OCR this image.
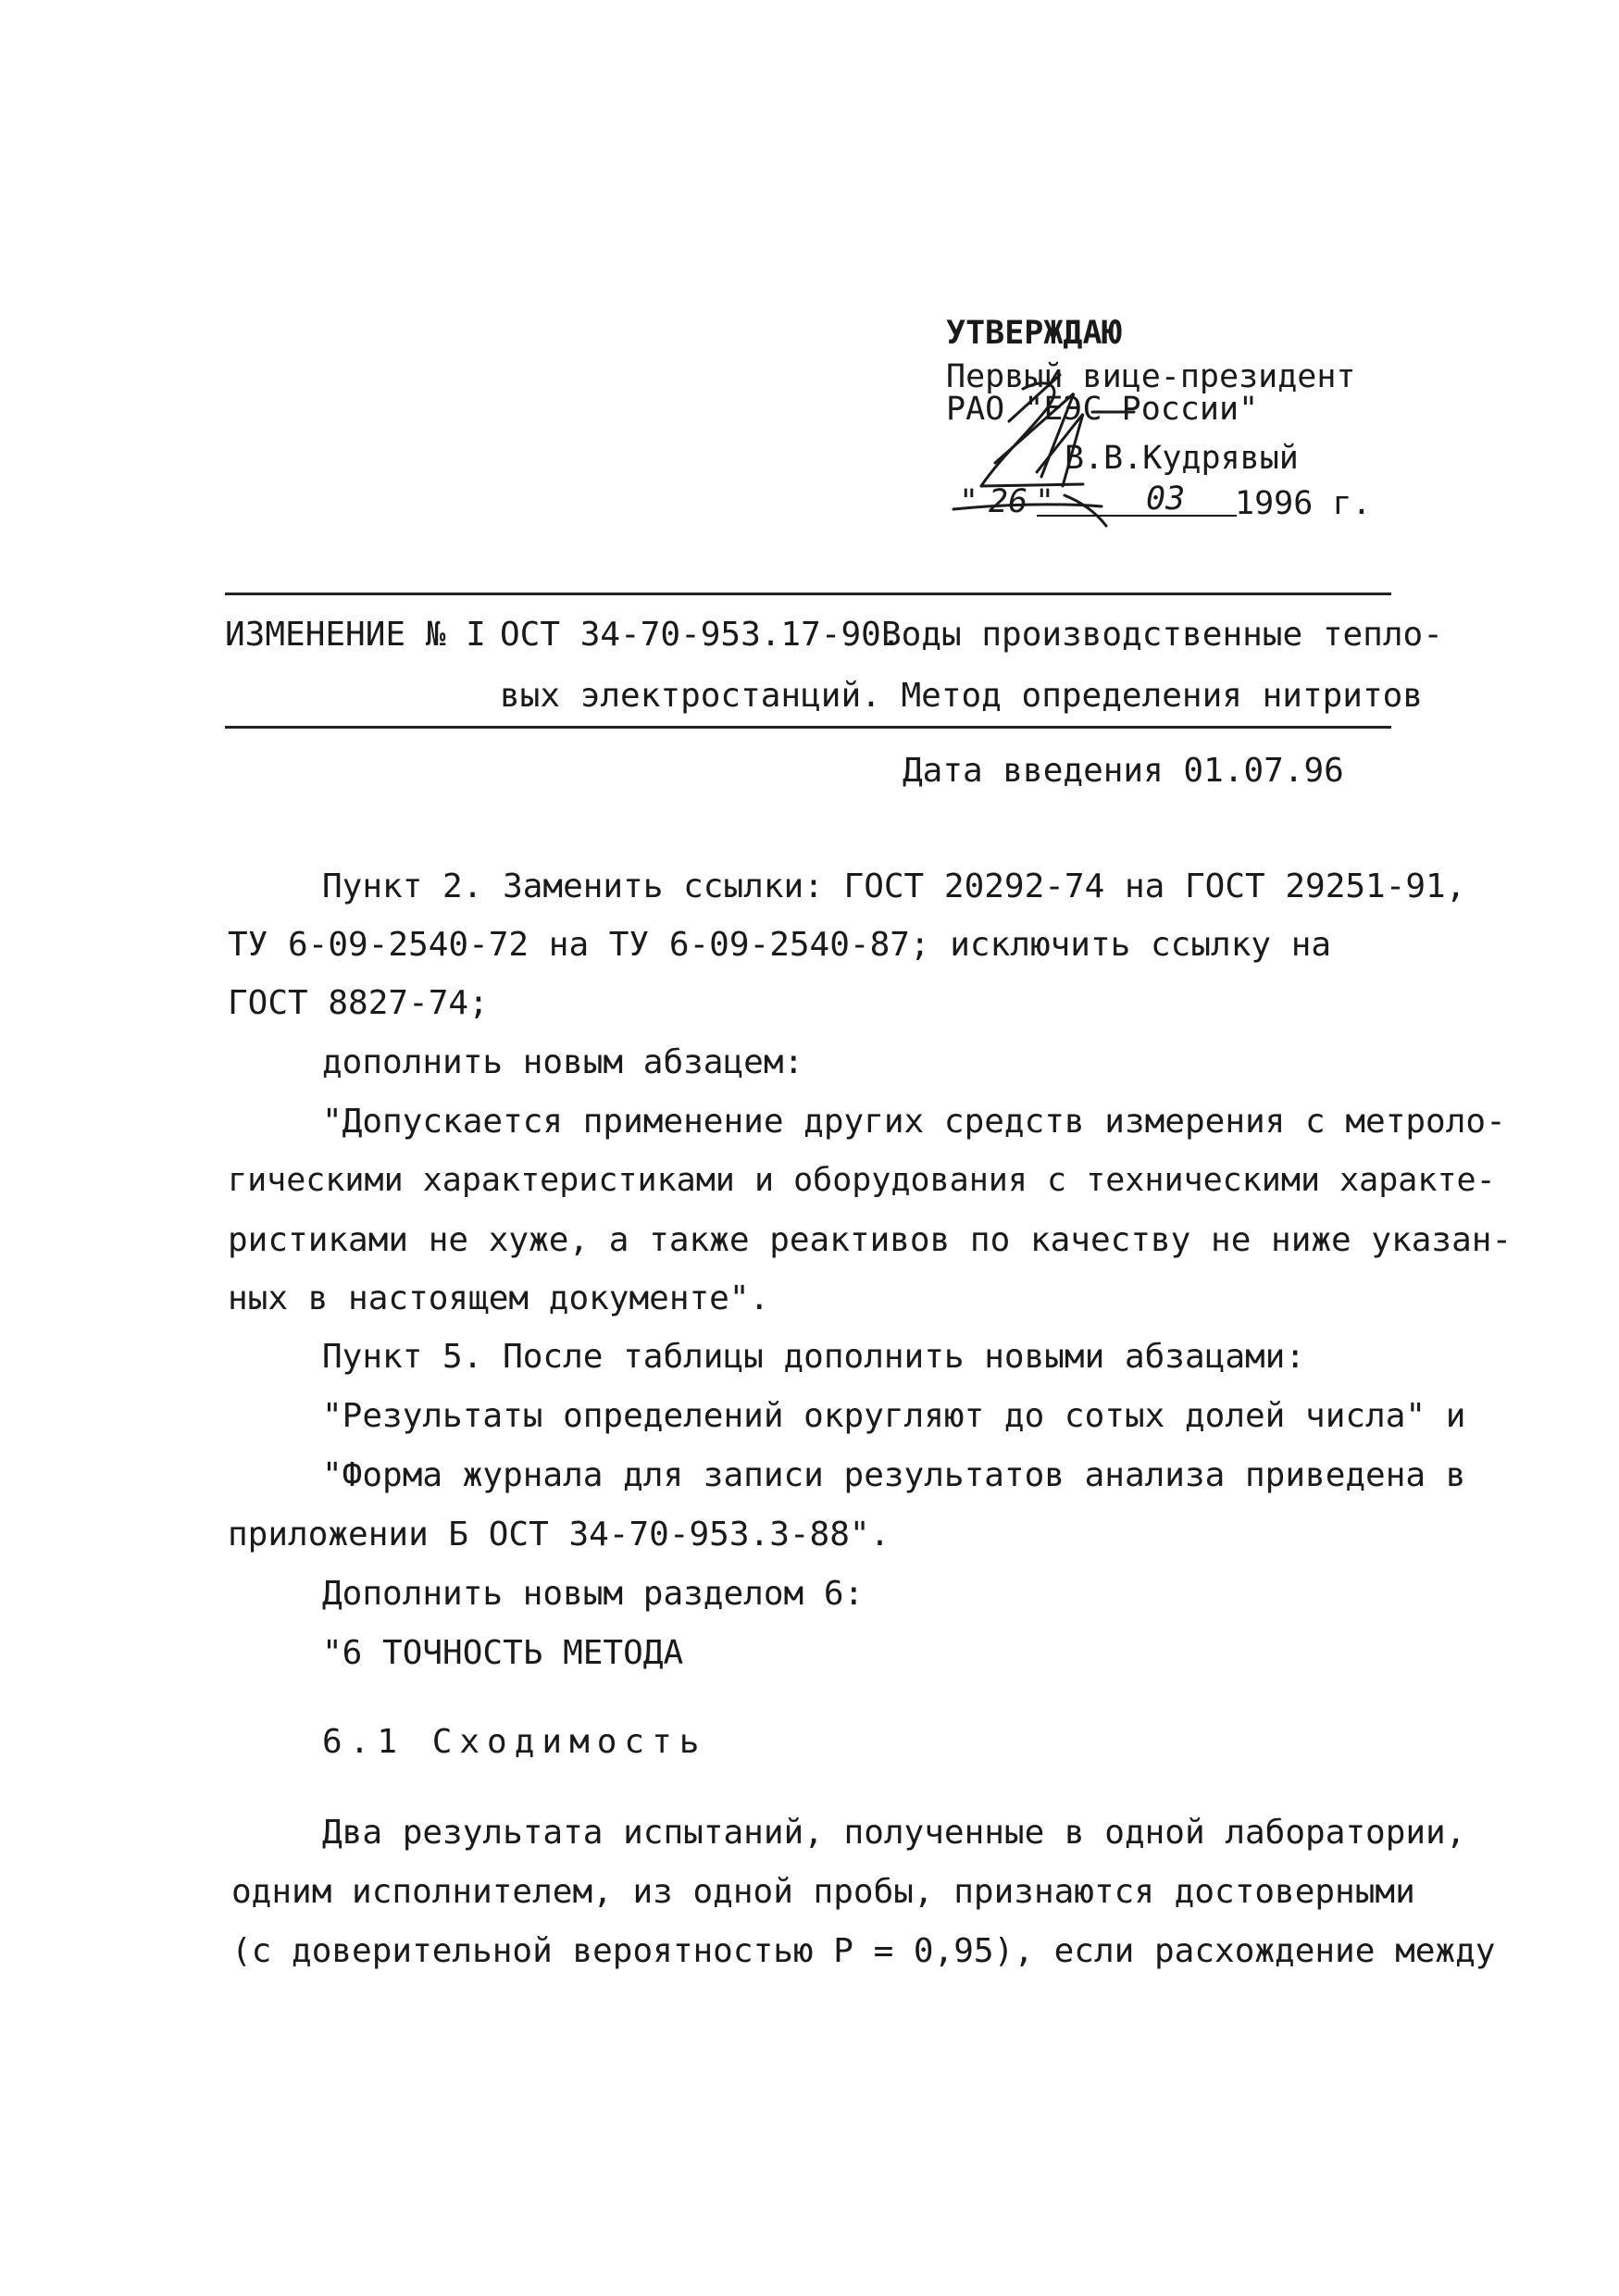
УТВЕРЖДАЮ
Первый вице-президент
РАО "ЕЭС России"
В.В.Кудрявый
" 26 "	03 1996 г.
ИЗМЕНЕНИЕ № I ОСТ 34-70-953.17-90.
Воды производственные тепло-
вых электростанций. Метод определения нитритов
Дата введения 01.07.96
Пункт 2. Заменить ссылки: ГОСТ 20292-74 на ГОСТ 29251-91,
ТУ 6-09-2540-72 на ТУ 6-09-2540-87; исключить ссылку на
ГОСТ 8827-74;
дополнить новым абзацем:
"Допускается применение других средств измерения с метроло-
гическими характеристиками и оборудования с техническими характе-
ристиками не хуже, а также реактивов по качеству не ниже указан-
ных в настоящем документе".
Пункт 5. После таблицы дополнить новыми абзацами:
"Результаты определений округляют до сотых долей числа" и
"Форма журнала для записи результатов анализа приведена в
приложении Б ОСТ 34-70-953.3-88".
Дополнить новым разделом 6:
"6 ТОЧНОСТЬ МЕТОДА
6.1 Сходимость
Два результата испытаний, полученные в одной лаборатории,
одним исполнителем, из одной пробы, признаются достоверными
(с доверительной вероятностью Р = 0,95), если расхождение между
